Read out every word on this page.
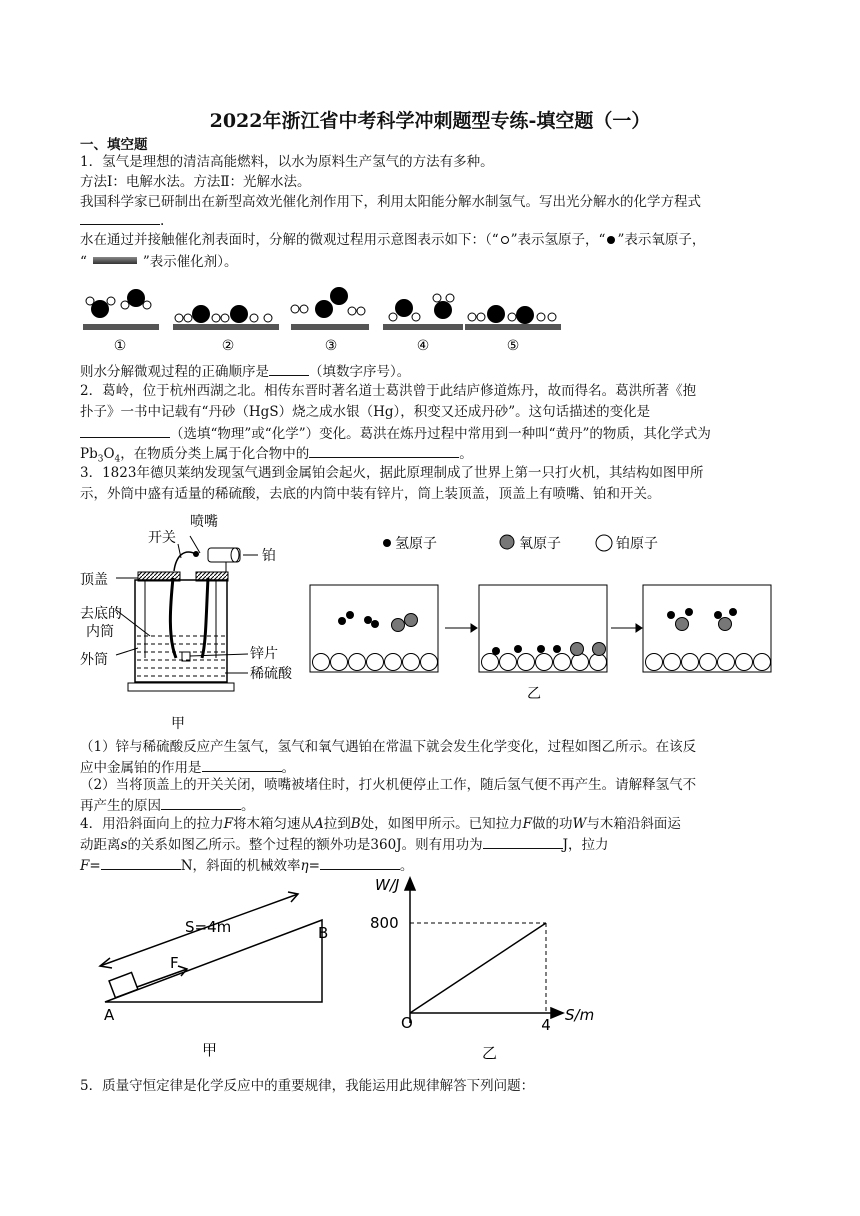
2022年浙江省中考科学冲刺题型专练-填空题（一）
一、填空题
1．氢气是理想的清洁高能燃料，以水为原料生产氢气的方法有多种。
方法Ⅰ：电解水法。方法Ⅱ：光解水法。
我国科学家已研制出在新型高效光催化剂作用下，利用太阳能分解水制氢气。写出光分解水的化学方程式
.
水在通过并接触催化剂表面时，分解的微观过程用示意图表示如下：（“ ”表示氢原子，“ ”表示氧原子，
“	”表示催化剂）。
①	②	③	④	⑤
则水分解微观过程的正确顺序是	（填数字序号）。
2．葛岭，位于杭州西湖之北。相传东晋时著名道士葛洪曾于此结庐修道炼丹，故而得名。葛洪所著《抱
扑子》一书中记载有“丹砂（HgS）烧之成水银（Hg），积变又还成丹砂”。这句话描述的变化是
（选填“物理”或“化学”）变化。葛洪在炼丹过程中常用到一种叫“黄丹”的物质，其化学式为
$Pb_3O_4$，在物质分类上属于化合物中的	。
3．1823年德贝莱纳发现氢气遇到金属铂会起火，据此原理制成了世界上第一只打火机，其结构如图甲所
示，外筒中盛有适量的稀硫酸，去底的内筒中装有锌片，筒上装顶盖，顶盖上有喷嘴、铂和开关。
喷嘴
开关
铂
顶盖
去底的
内筒
外筒	锌片
稀硫酸
甲
氢原子	氧原子	铂原子
乙
（1）锌与稀硫酸反应产生氢气，氢气和氧气遇铂在常温下就会发生化学变化，过程如图乙所示。在该反
应中金属铂的作用是	。
（2）当将顶盖上的开关关闭，喷嘴被堵住时，打火机便停止工作，随后氢气便不再产生。请解释氢气不
再产生的原因	。
4．用沿斜面向上的拉力F将木箱匀速从A拉到B处，如图甲所示。已知拉力F做的功W与木箱沿斜面运
动距离s的关系如图乙所示。整个过程的额外功是360J。则有用功为	J，拉力
F=	N，斜面的机械效率η=	。
S=4m
F
A
B
甲
W/J
800
O	4
S/m
乙
5．质量守恒定律是化学反应中的重要规律，我能运用此规律解答下列问题：
